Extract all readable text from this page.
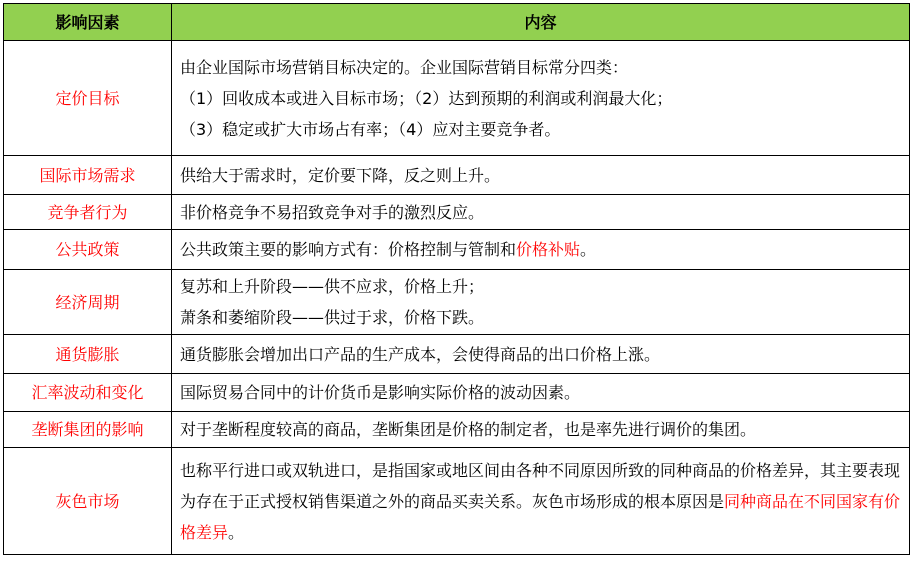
影响因素	内容
定价目标	由企业国际市场营销目标决定的。企业国际营销目标常分四类：
（1）回收成本或进入目标市场；（2）达到预期的利润或利润最大化；
（3）稳定或扩大市场占有率；（4）应对主要竞争者。

国际市场需求	供给大于需求时，定价要下降，反之则上升。

竞争者行为	非价格竞争不易招致竞争对手的激烈反应。

公共政策	公共政策主要的影响方式有：价格控制与管制和价格补贴。

经济周期	复苏和上升阶段——供不应求，价格上升；
萧条和萎缩阶段——供过于求，价格下跌。

通货膨胀	通货膨胀会增加出口产品的生产成本，会使得商品的出口价格上涨。

汇率波动和变化	国际贸易合同中的计价货币是影响实际价格的波动因素。

垄断集团的影响	对于垄断程度较高的商品，垄断集团是价格的制定者，也是率先进行调价的集团。

灰色市场	也称平行进口或双轨进口，是指国家或地区间由各种不同原因所致的同种商品的价格差异，其主要表现为存在于正式授权销售渠道之外的商品买卖关系。灰色市场形成的根本原因是同种商品在不同国家有价格差异。
